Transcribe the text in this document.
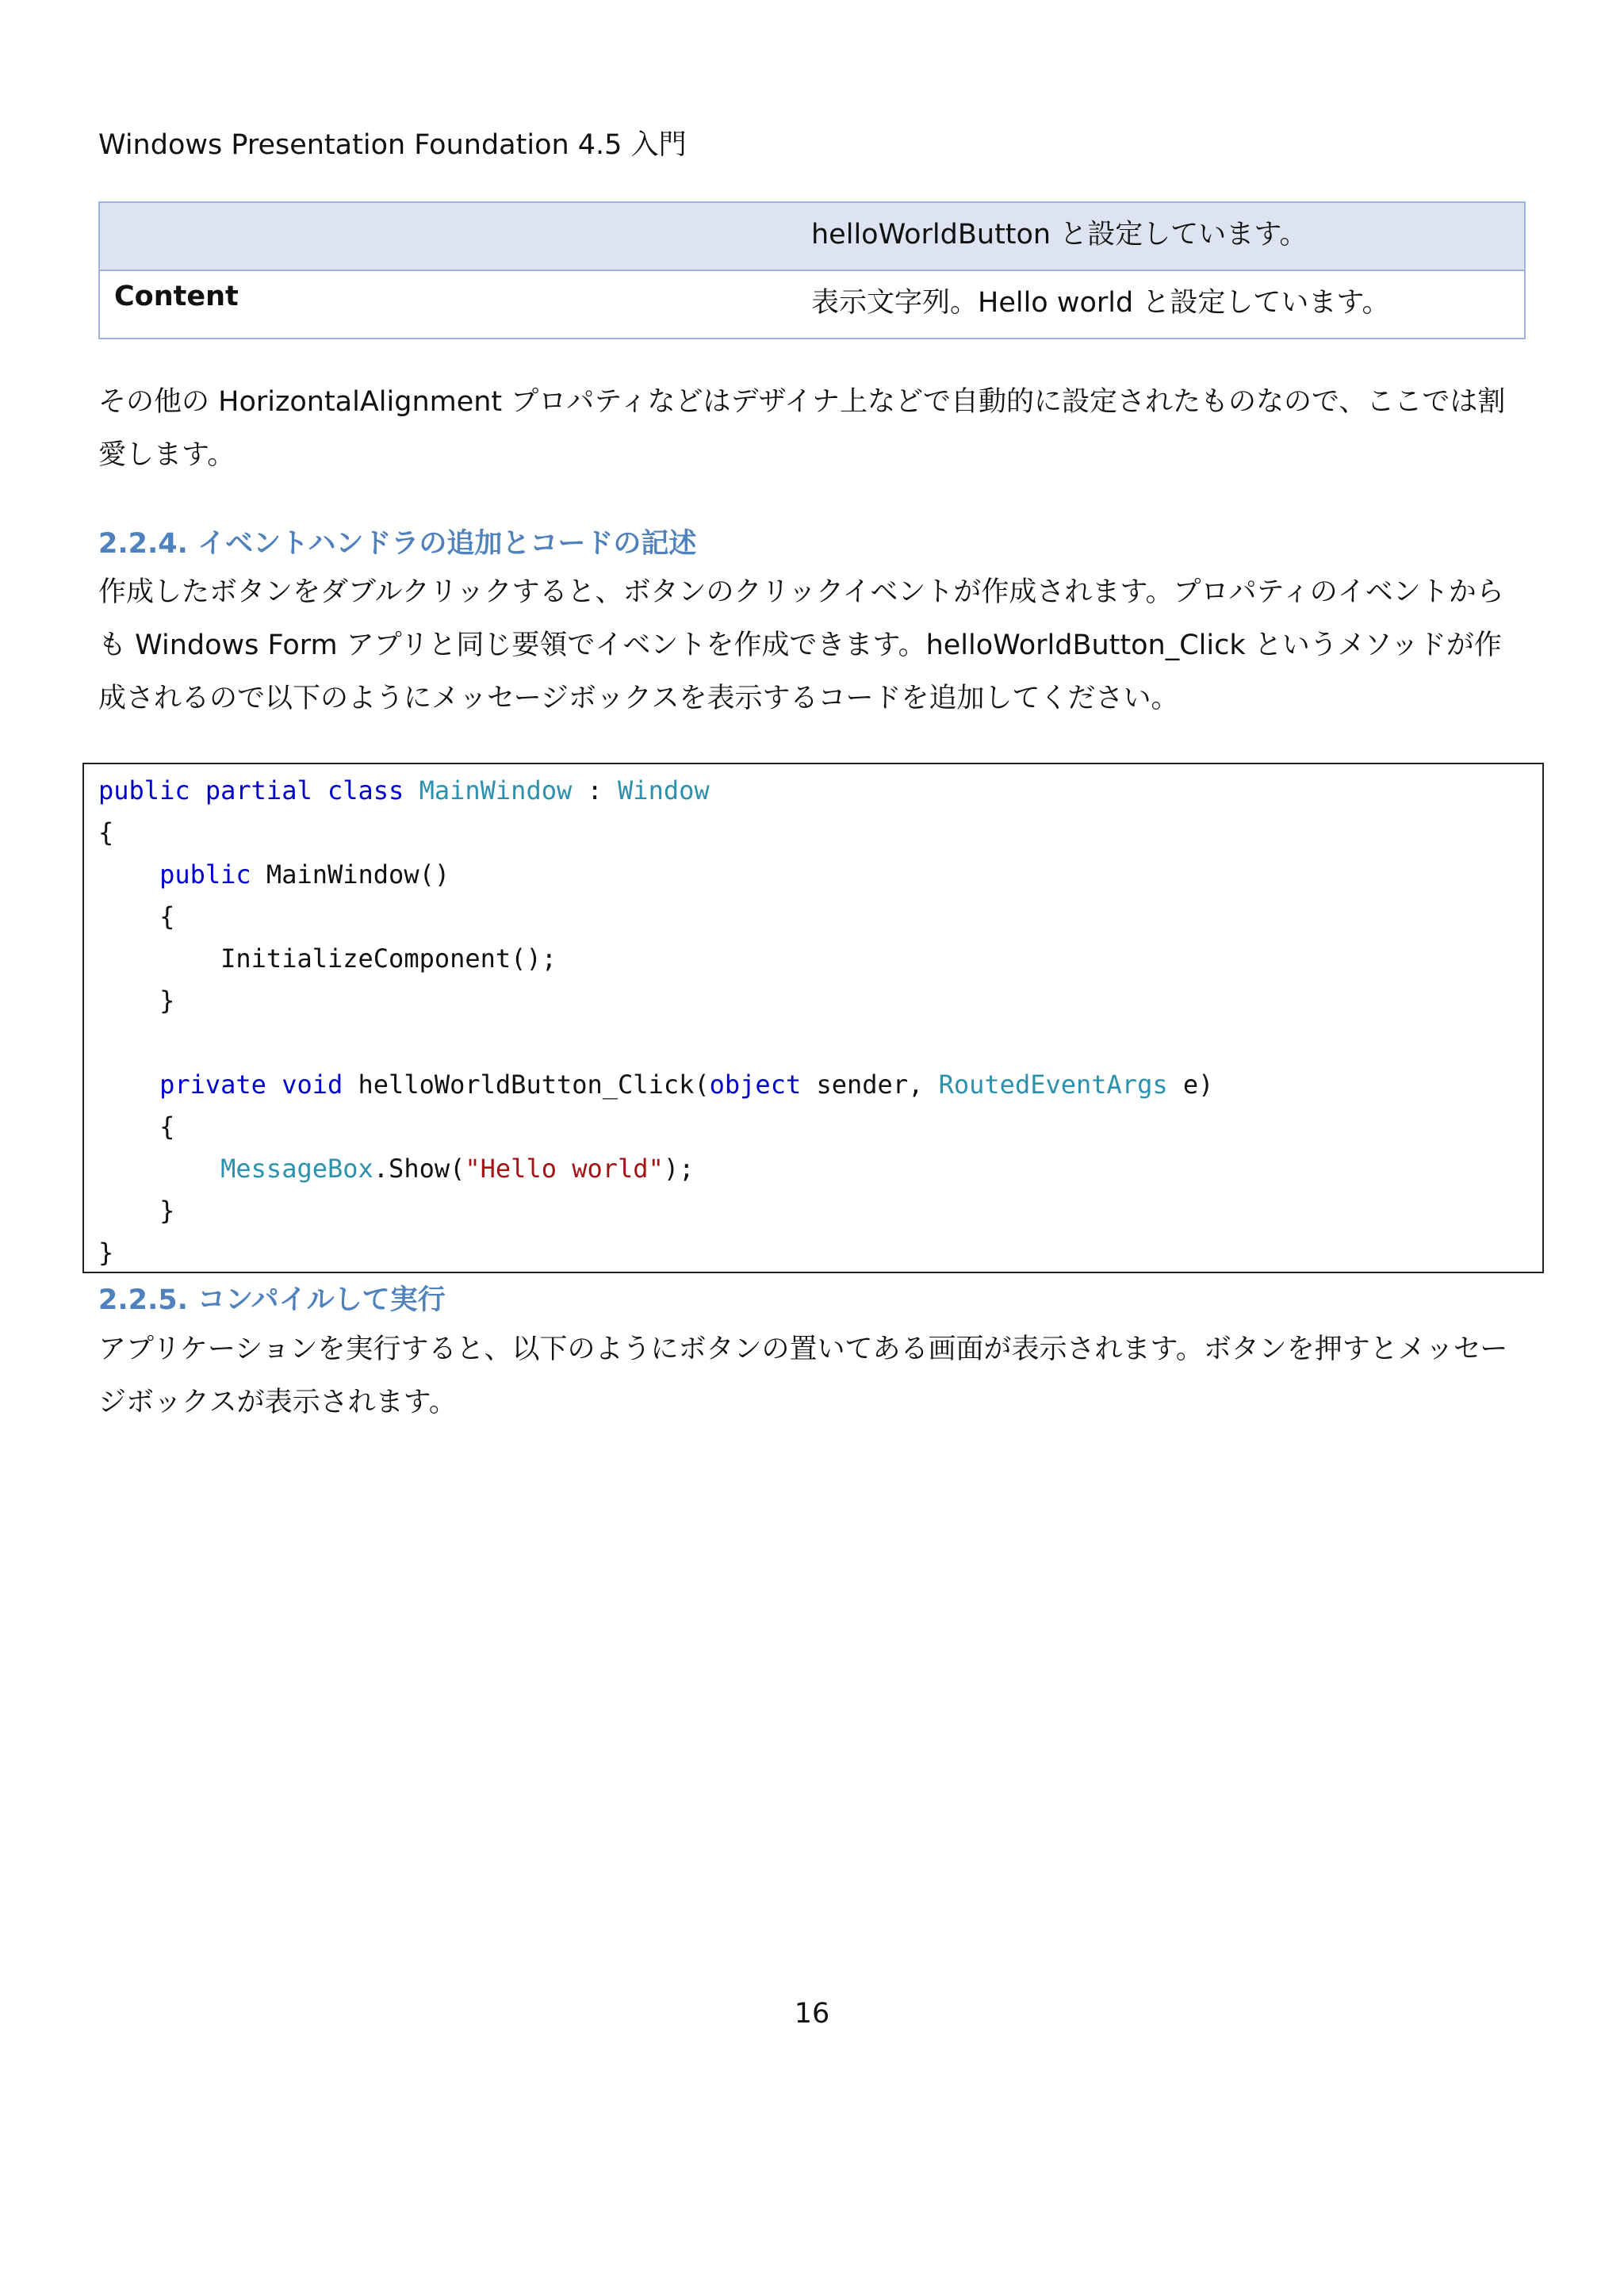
Windows Presentation Foundation 4.5 入門
	helloWorldButton と設定しています。
Content	表示文字列。Hello world と設定しています。

その他の HorizontalAlignment プロパティなどはデザイナ上などで自動的に設定されたものなので、ここでは割愛します。

2.2.4. イベントハンドラの追加とコードの記述

作成したボタンをダブルクリックすると、ボタンのクリックイベントが作成されます。プロパティのイベントからも Windows Form アプリと同じ要領でイベントを作成できます。helloWorldButton_Click というメソッドが作成されるので以下のようにメッセージボックスを表示するコードを追加してください。

public partial class MainWindow : Window
{
public MainWindow()
{
InitializeComponent();
}
private void helloWorldButton_Click(object sender, RoutedEventArgs e)
{
MessageBox.Show("Hello world");
}
}
2.2.5. コンパイルして実行

アプリケーションを実行すると、以下のようにボタンの置いてある画面が表示されます。ボタンを押すとメッセージボックスが表示されます。

16
